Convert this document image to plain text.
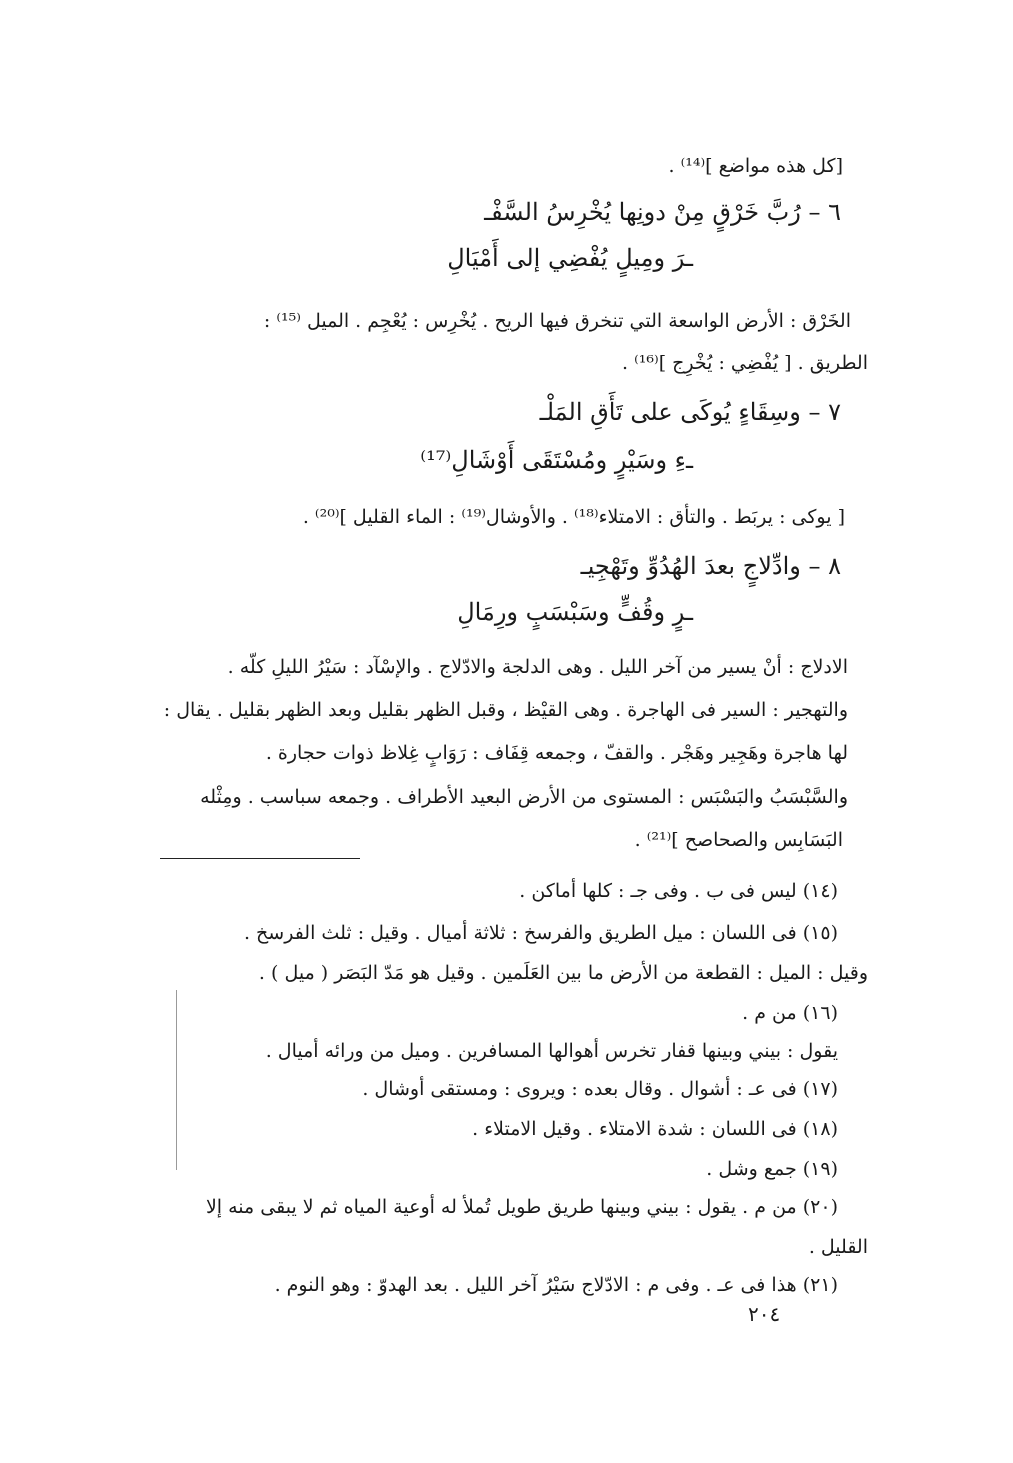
[كل هذه مواضع ]⁽¹⁴⁾ .
٦ – رُبَّ خَرْقٍ مِنْ دونِها يُخْرِسُ السَّفْـ
ـرَ ومِيلٍ يُفْضِي إلى أَمْيَالِ
الخَرْق : الأرض الواسعة التي تنخرق فيها الريح . يُخْرِس : يُعْجِم . الميل ⁽¹⁵⁾ :
الطريق . [ يُفْضِي : يُخْرِج ]⁽¹⁶⁾ .
٧ – وسِقَاءٍ يُوكَى على تَأَقِ المَلْـ
ـءِ وسَيْرٍ ومُسْتَقَى أَوْشَالِ⁽¹⁷⁾
[ يوكى : يربَط . والتأق : الامتلاء⁽¹⁸⁾ . والأوشال⁽¹⁹⁾ : الماء القليل ]⁽²⁰⁾ .
٨ – وادِّلاجٍ بعدَ الهُدُوِّ وتَهْجِيـ
ـرٍ وقُفٍّ وسَبْسَبٍ ورِمَالِ
الادلاج : أنْ يسير من آخر الليل . وهى الدلجة والادّلاج . والإسْآد : سَيْرُ الليلِ كلّه .
والتهجير : السير فى الهاجرة . وهى القيْظ ، وقبل الظهر بقليل وبعد الظهر بقليل . يقال :
لها هاجرة وهَجِير وهَجْر . والقفّ ، وجمعه قِفَاف : رَوَابٍ غِلاظ ذوات حجارة .
والسَّبْسَبُ والبَسْبَس : المستوى من الأرض البعيد الأطراف . وجمعه سباسب . ومِثْله
البَسَابِس والصحاصح ]⁽²¹⁾ .
(١٤) ليس فى ب . وفى جـ : كلها أماكن .
(١٥) فى اللسان : ميل الطريق والفرسخ : ثلاثة أميال . وقيل : ثلث الفرسخ .
وقيل : الميل : القطعة من الأرض ما بين العَلَمين . وقيل هو مَدّ البَصَر ( ميل ) .
(١٦) من م .
يقول : بيني وبينها قفار تخرس أهوالها المسافرين . وميل من ورائه أميال .
(١٧) فى عـ : أشوال . وقال بعده : ويروى : ومستقى أوشال .
(١٨) فى اللسان : شدة الامتلاء . وقيل الامتلاء .
(١٩) جمع وشل .
(٢٠) من م . يقول : بيني وبينها طريق طويل تُملأ له أوعية المياه ثم لا يبقى منه إلا
القليل .
(٢١) هذا فى عـ . وفى م : الادّلاج سَيْرُ آخر الليل . بعد الهدوّ : وهو النوم .
٢٠٤
